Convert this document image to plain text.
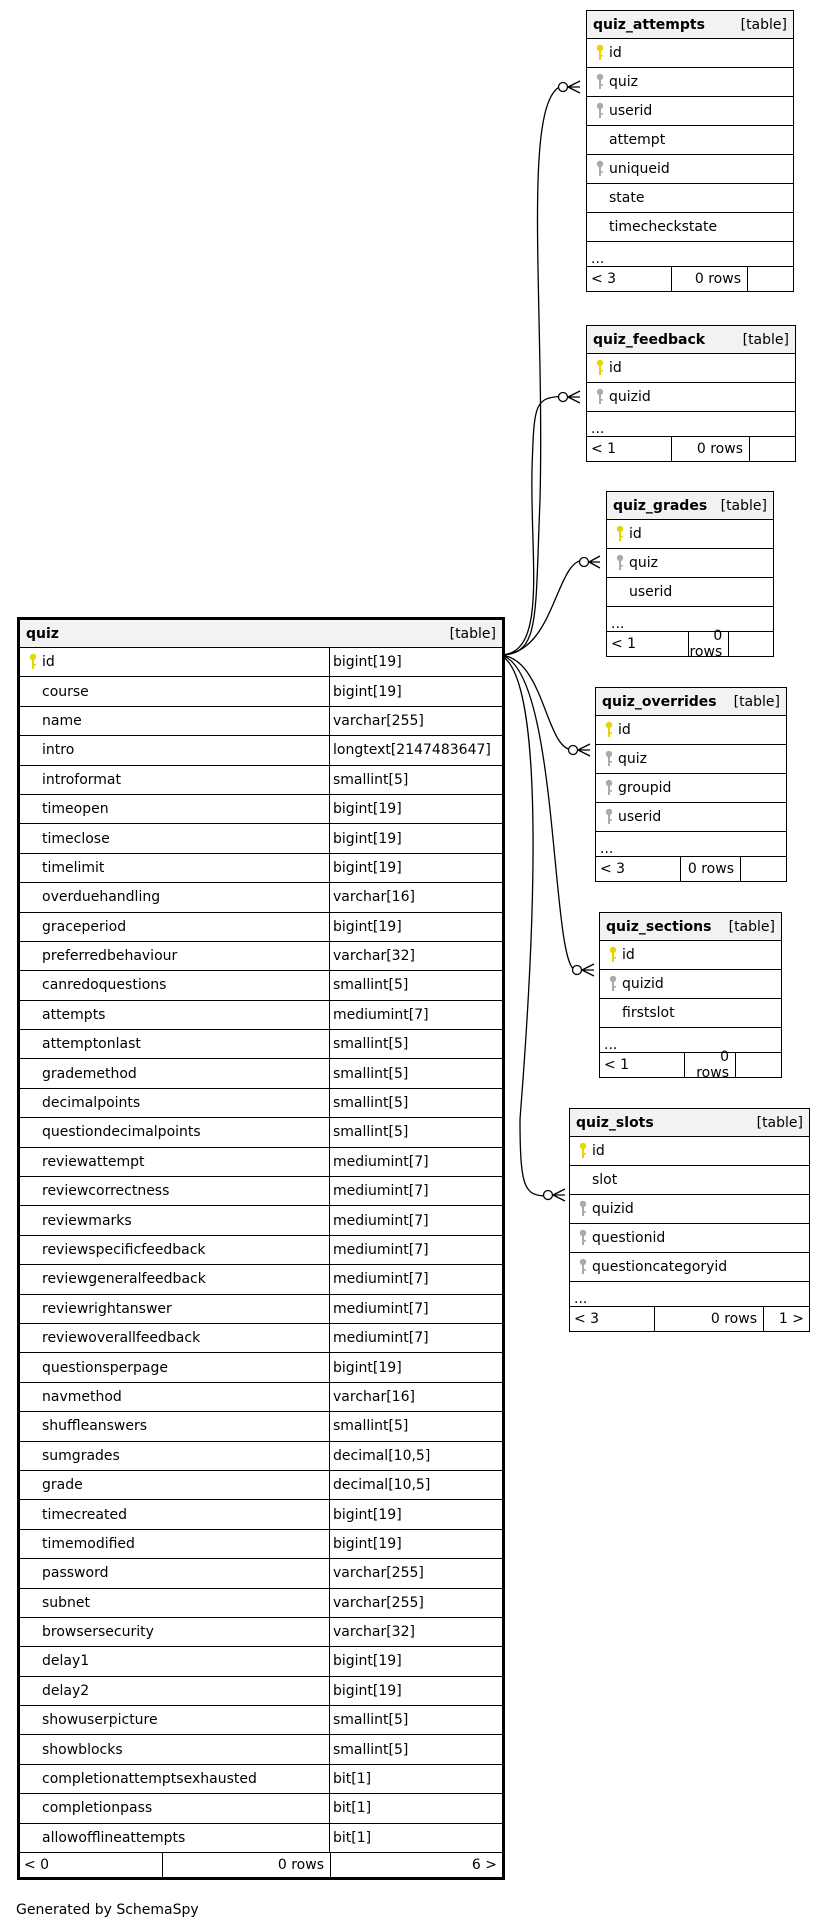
quiz	[table]
id	bigint[19]
course	bigint[19]
name	varchar[255]
intro	longtext[2147483647]
introformat	smallint[5]
timeopen	bigint[19]
timeclose	bigint[19]
timelimit	bigint[19]
overduehandling	varchar[16]
graceperiod	bigint[19]
preferredbehaviour	varchar[32]
canredoquestions	smallint[5]
attempts	mediumint[7]
attemptonlast	smallint[5]
grademethod	smallint[5]
decimalpoints	smallint[5]
questiondecimalpoints	smallint[5]
reviewattempt	mediumint[7]
reviewcorrectness	mediumint[7]
reviewmarks	mediumint[7]
reviewspecificfeedback	mediumint[7]
reviewgeneralfeedback	mediumint[7]
reviewrightanswer	mediumint[7]
reviewoverallfeedback	mediumint[7]
questionsperpage	bigint[19]
navmethod	varchar[16]
shuffleanswers	smallint[5]
sumgrades	decimal[10,5]
grade	decimal[10,5]
timecreated	bigint[19]
timemodified	bigint[19]
password	varchar[255]
subnet	varchar[255]
browsersecurity	varchar[32]
delay1	bigint[19]
delay2	bigint[19]
showuserpicture	smallint[5]
showblocks	smallint[5]
completionattemptsexhausted	bit[1]
completionpass	bit[1]
allowofflineattempts	bit[1]
< 0	0 rows	6 >
quiz_attempts	[table]
id
quiz
userid
attempt
uniqueid
state
timecheckstate
...
< 3	0 rows
quiz_feedback	[table]
id
quizid
...
< 1	0 rows
quiz_grades [table]
id
quiz
userid
...
< 1	0 rows
quiz_overrides [table]
id
quiz
groupid
userid
...
< 3	0 rows
quiz_sections [table]
id
quizid
firstslot
...
< 1	0 rows
quiz_slots	[table]
id
slot
quizid
questionid
questioncategoryid
...
< 3	0 rows	1 >
Generated by SchemaSpy
